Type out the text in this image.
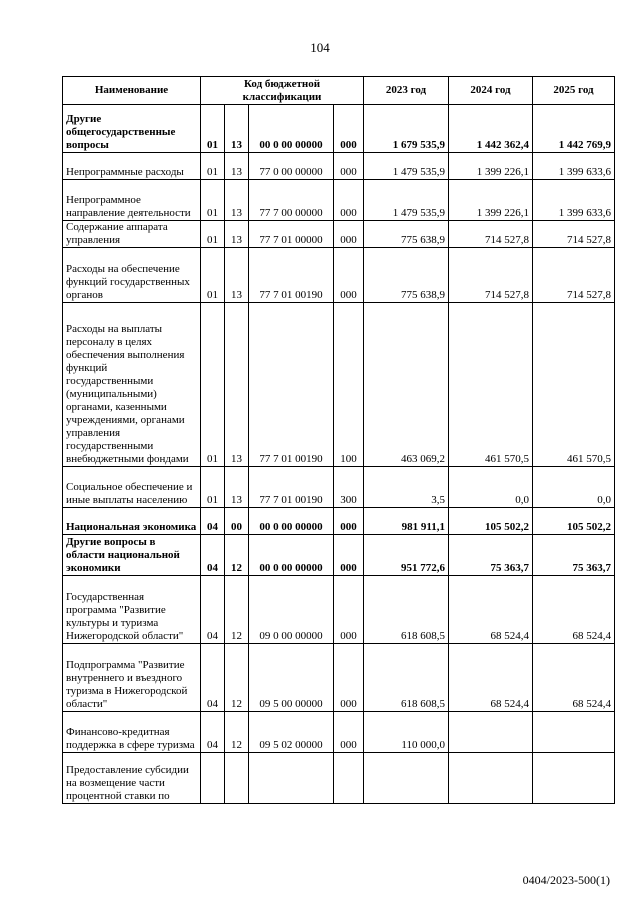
104
Наименование	Код бюджетной классификации				2023 год	2024 год	2025 год
Другие общегосударственные вопросы	01	13	00 0 00 00000	000	1 679 535,9	1 442 362,4	1 442 769,9
Непрограммные расходы	01	13	77 0 00 00000	000	1 479 535,9	1 399 226,1	1 399 633,6
Непрограммное направление деятельности	01	13	77 7 00 00000	000	1 479 535,9	1 399 226,1	1 399 633,6
Содержание аппарата управления	01	13	77 7 01 00000	000	775 638,9	714 527,8	714 527,8
Расходы на обеспечение функций государственных органов	01	13	77 7 01 00190	000	775 638,9	714 527,8	714 527,8
Расходы на выплаты персоналу в целях обеспечения выполнения функций государственными (муниципальными) органами, казенными учреждениями, органами управления государственными внебюджетными фондами	01	13	77 7 01 00190	100	463 069,2	461 570,5	461 570,5
Социальное обеспечение и иные выплаты населению	01	13	77 7 01 00190	300	3,5	0,0	0,0
Национальная экономика	04	00	00 0 00 00000	000	981 911,1	105 502,2	105 502,2
Другие вопросы в области национальной экономики	04	12	00 0 00 00000	000	951 772,6	75 363,7	75 363,7
Государственная программа "Развитие культуры и туризма Нижегородской области"	04	12	09 0 00 00000	000	618 608,5	68 524,4	68 524,4
Подпрограмма "Развитие внутреннего и въездного туризма в Нижегородской области"	04	12	09 5 00 00000	000	618 608,5	68 524,4	68 524,4
Финансово-кредитная поддержка в сфере туризма	04	12	09 5 02 00000	000	110 000,0		
Предоставление субсидии на возмещение части процентной ставки по							
0404/2023-500(1)
